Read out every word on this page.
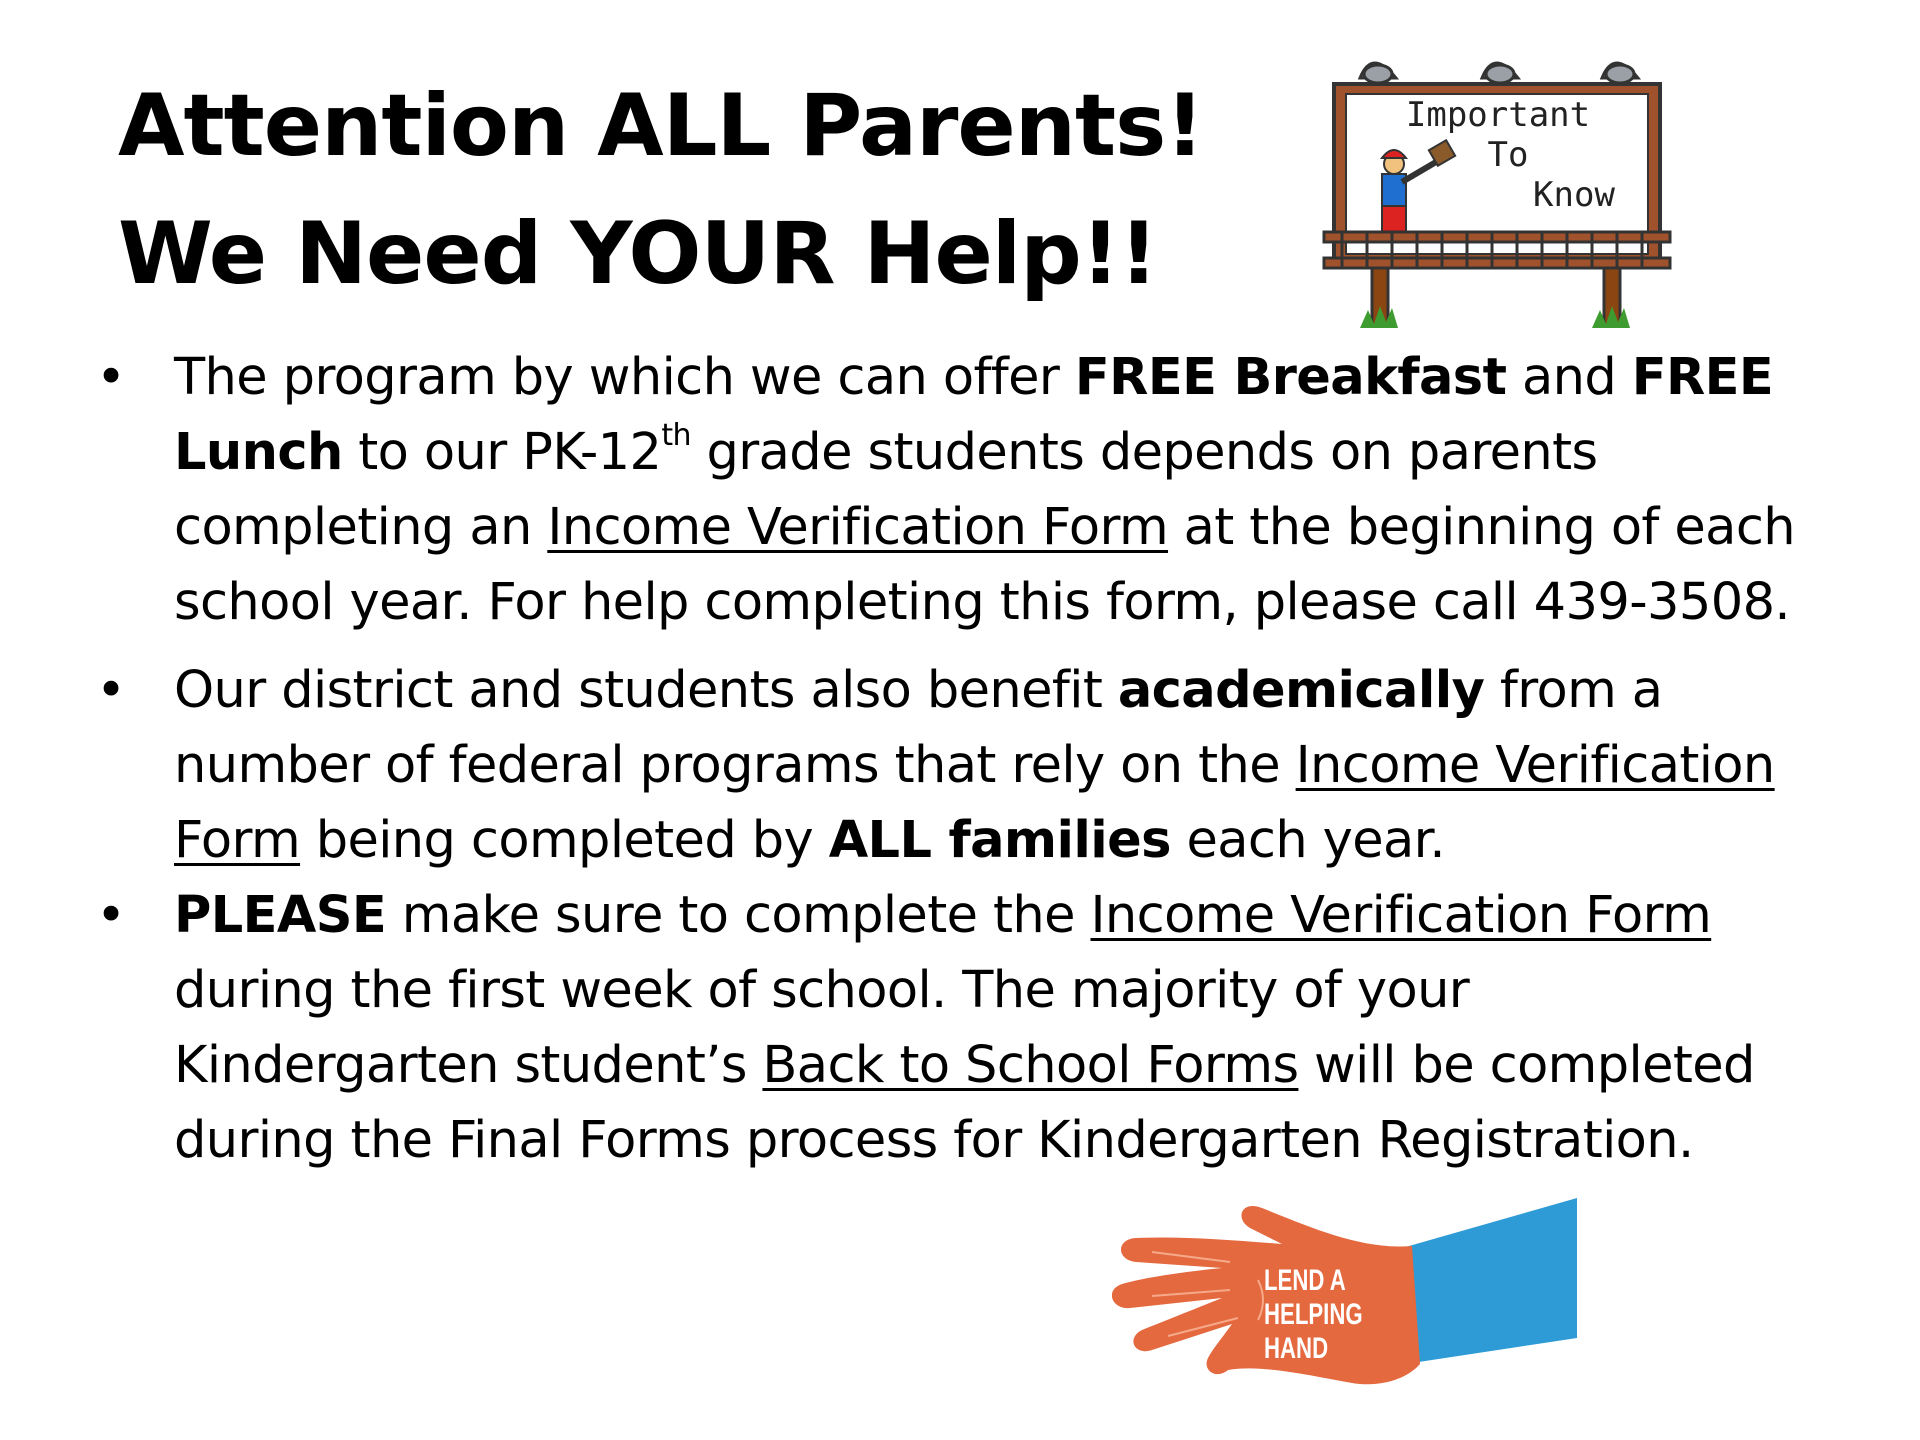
Attention ALL Parents!
We Need YOUR Help!!
Important
To
Know
• The program by which we can offer FREE Breakfast and FREE
Lunch to our PK-12th grade students depends on parents
completing an Income Verification Form at the beginning of each
school year. For help completing this form, please call 439-3508.
• Our district and students also benefit academically from a
number of federal programs that rely on the Income Verification
Form being completed by ALL families each year.
• PLEASE make sure to complete the Income Verification Form
during the first week of school. The majority of your
Kindergarten student’s Back to School Forms will be completed
during the Final Forms process for Kindergarten Registration.
LEND A
HELPING
HAND
